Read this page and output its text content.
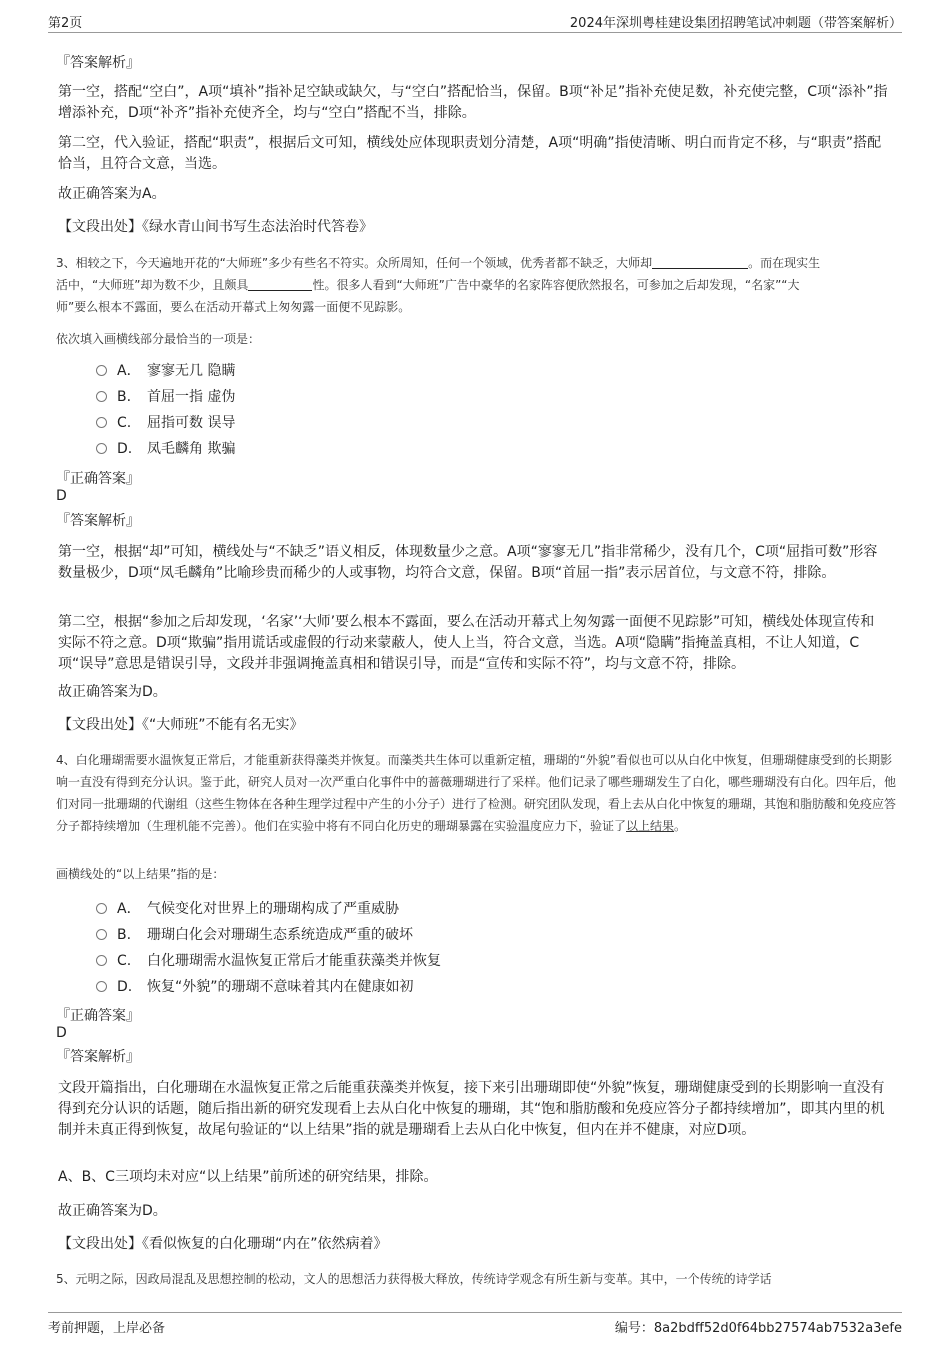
第2页	2024年深圳粤桂建设集团招聘笔试冲刺题（带答案解析）
『答案解析』
第一空，搭配“空白”，A项“填补”指补足空缺或缺欠，与“空白”搭配恰当，保留。B项“补足”指补充使足数，补充使完整，C项“添补”指增添补充，D项“补齐”指补充使齐全，均与“空白”搭配不当，排除。
第二空，代入验证，搭配“职责”，根据后文可知，横线处应体现职责划分清楚，A项“明确”指使清晰、明白而肯定不移，与“职责”搭配恰当，且符合文意，当选。
故正确答案为A。
【文段出处】《绿水青山间书写生态法治时代答卷》
3、相较之下，今天遍地开花的“大师班”多少有些名不符实。众所周知，任何一个领域，优秀者都不缺乏，大师却	。而在现实生
活中，“大师班”却为数不少，且颇具	性。很多人看到“大师班”广告中豪华的名家阵容便欣然报名，可参加之后却发现，“名家”“大
师”要么根本不露面，要么在活动开幕式上匆匆露一面便不见踪影。
依次填入画横线部分最恰当的一项是：
A． 寥寥无几 隐瞒
B. 首屈一指 虚伪
C. 屈指可数 误导
D. 凤毛麟角 欺骗
『正确答案』
D
『答案解析』
第一空，根据“却”可知，横线处与“不缺乏”语义相反，体现数量少之意。A项“寥寥无几”指非常稀少，没有几个，C项“屈指可数”形容数量极少，D项“凤毛麟角”比喻珍贵而稀少的人或事物，均符合文意，保留。B项“首屈一指”表示居首位，与文意不符，排除。
第二空，根据“参加之后却发现，‘名家’‘大师’要么根本不露面，要么在活动开幕式上匆匆露一面便不见踪影”可知，横线处体现宣传和实际不符之意。D项“欺骗”指用谎话或虚假的行动来蒙蔽人，使人上当，符合文意，当选。A项“隐瞒”指掩盖真相，不让人知道，C项“误导”意思是错误引导，文段并非强调掩盖真相和错误引导，而是“宣传和实际不符”，均与文意不符，排除。
故正确答案为D。
【文段出处】《“大师班”不能有名无实》
4、白化珊瑚需要水温恢复正常后，才能重新获得藻类并恢复。而藻类共生体可以重新定植，珊瑚的“外貌”看似也可以从白化中恢复，但珊瑚健康受到的长期影响一直没有得到充分认识。鉴于此，研究人员对一次严重白化事件中的蔷薇珊瑚进行了采样。他们记录了哪些珊瑚发生了白化，哪些珊瑚没有白化。四年后，他们对同一批珊瑚的代谢组（这些生物体在各种生理学过程中产生的小分子）进行了检测。研究团队发现，看上去从白化中恢复的珊瑚，其饱和脂肪酸和免疫应答分子都持续增加（生理机能不完善）。他们在实验中将有不同白化历史的珊瑚暴露在实验温度应力下，验证了以上结果。
画横线处的“以上结果”指的是：
A． 气候变化对世界上的珊瑚构成了严重威胁
B. 珊瑚白化会对珊瑚生态系统造成严重的破坏
C. 白化珊瑚需水温恢复正常后才能重获藻类并恢复
D. 恢复“外貌”的珊瑚不意味着其内在健康如初
『正确答案』
D
『答案解析』
文段开篇指出，白化珊瑚在水温恢复正常之后能重获藻类并恢复，接下来引出珊瑚即使“外貌”恢复，珊瑚健康受到的长期影响一直没有得到充分认识的话题，随后指出新的研究发现看上去从白化中恢复的珊瑚，其“饱和脂肪酸和免疫应答分子都持续增加”，即其内里的机制并未真正得到恢复，故尾句验证的“以上结果”指的就是珊瑚看上去从白化中恢复，但内在并不健康，对应D项。
A、B、C三项均未对应“以上结果”前所述的研究结果，排除。
故正确答案为D。
【文段出处】《看似恢复的白化珊瑚“内在”依然病着》
5、元明之际，因政局混乱及思想控制的松动，文人的思想活力获得极大释放，传统诗学观念有所生新与变革。其中，一个传统的诗学话
考前押题，上岸必备	编号：8a2bdff52d0f64bb27574ab7532a3efe
